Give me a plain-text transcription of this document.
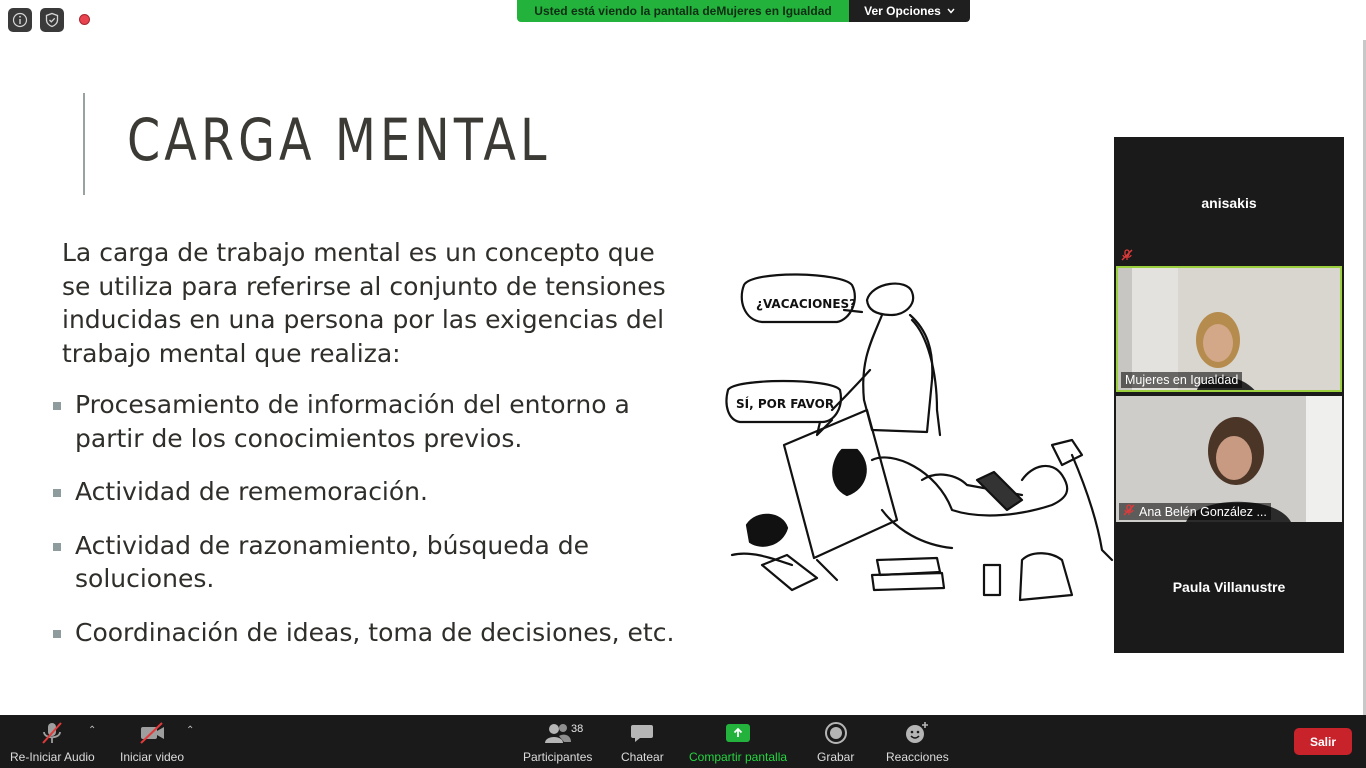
Usted está viendo la pantalla de Mujeres en Igualdad	Ver Opciones
CARGA MENTAL
La carga de trabajo mental es un concepto que se utiliza para referirse al conjunto de tensiones inducidas en una persona por las exigencias del trabajo mental que realiza:
Procesamiento de información del entorno a partir de los conocimientos previos.
Actividad de rememoración.
Actividad de razonamiento, búsqueda de soluciones.
Coordinación de ideas, toma de decisiones, etc.
¿VACACIONES?
SÍ, POR FAVOR
anisakis
Mujeres en Igualdad
Ana Belén González ...
Paula Villanustre
Re-Iniciar Audio
⌃
Iniciar video
⌃
Participantes
38
Chatear Compartir pantalla Grabar	Reacciones
Salir
